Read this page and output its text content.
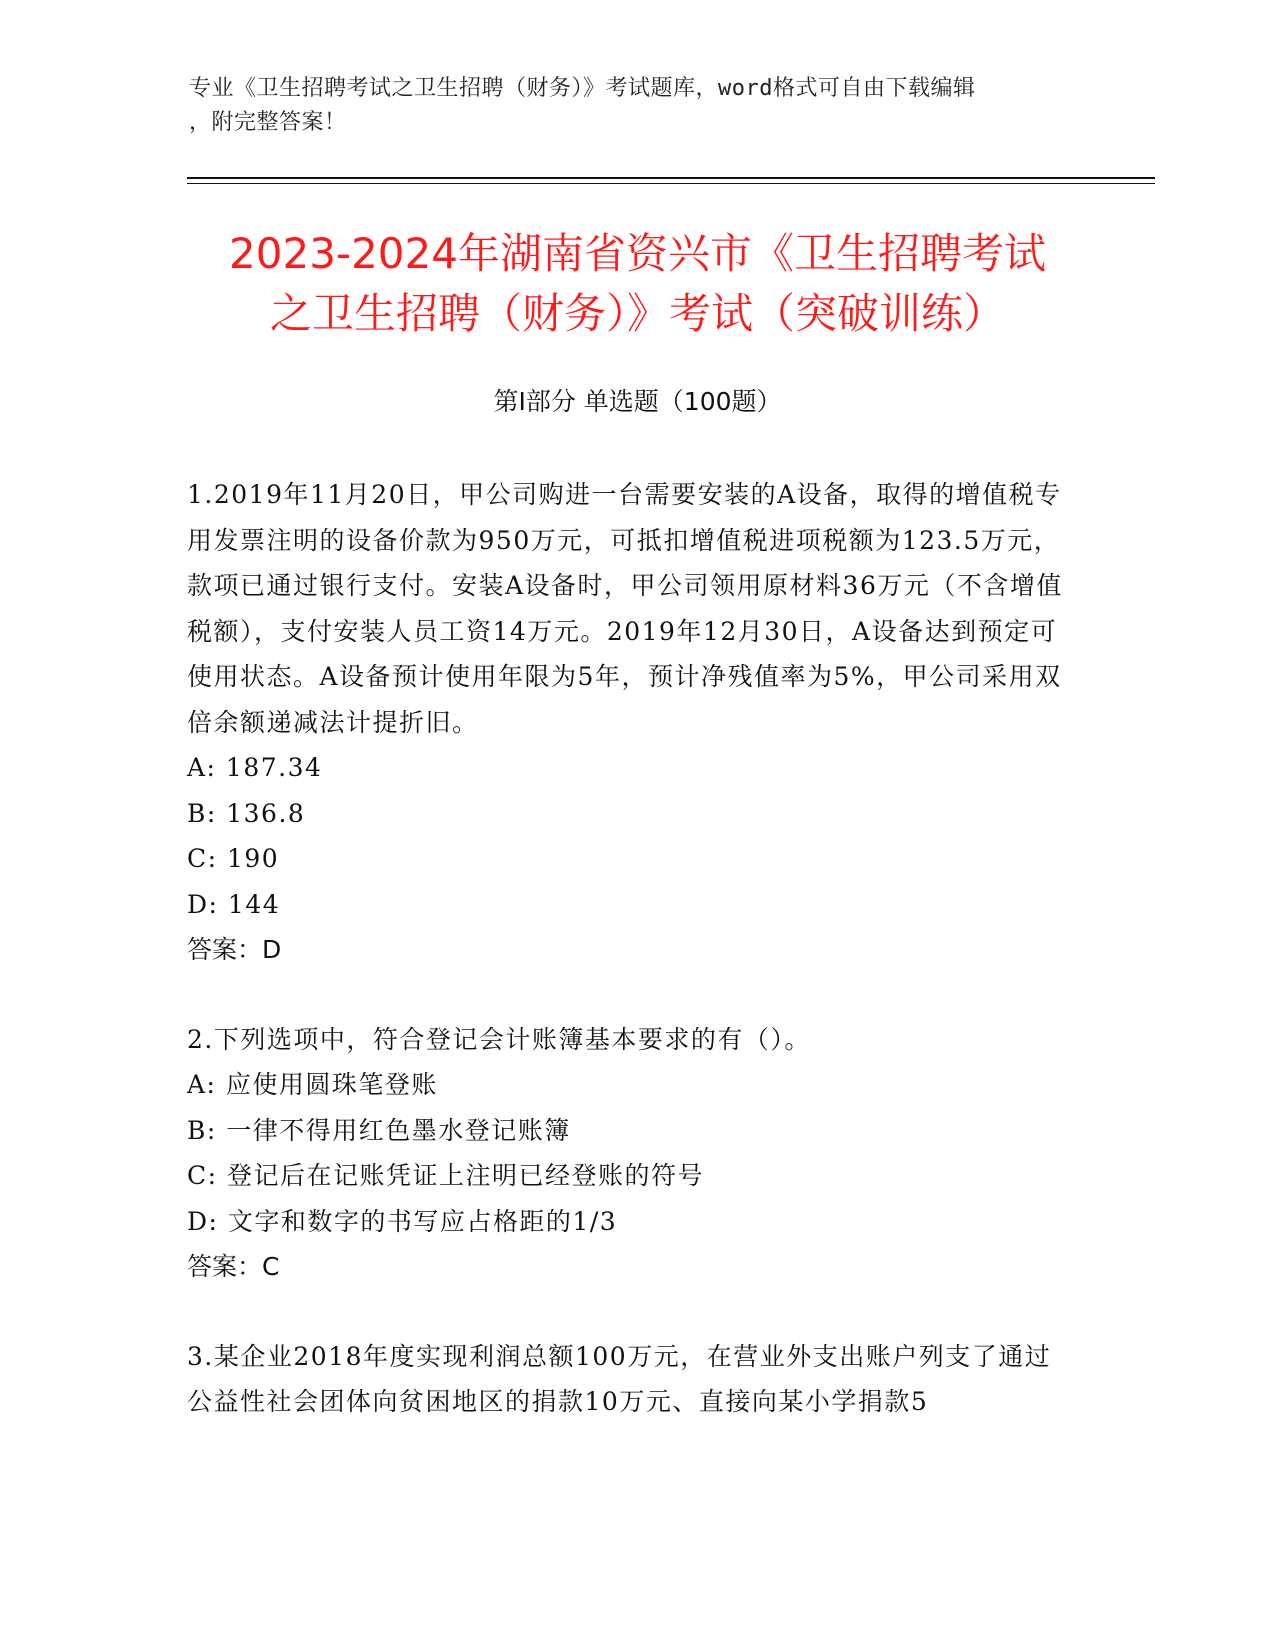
专业《卫生招聘考试之卫生招聘（财务）》考试题库，word格式可自由下载编辑
，附完整答案！
2023-2024年湖南省资兴市《卫生招聘考试
之卫生招聘（财务）》考试（突破训练）
第I部分 单选题（100题）
1.2019年11月20日，甲公司购进一台需要安装的A设备，取得的增值税专用发票注明的设备价款为950万元，可抵扣增值税进项税额为123.5万元，款项已通过银行支付。安装A设备时，甲公司领用原材料36万元（不含增值税额），支付安装人员工资14万元。2019年12月30日，A设备达到预定可使用状态。A设备预计使用年限为5年，预计净残值率为5%，甲公司采用双倍余额递减法计提折旧。
A: 187.34
B: 136.8
C: 190
D: 144
答案：D
2.下列选项中，符合登记会计账簿基本要求的有（）。
A: 应使用圆珠笔登账
B: 一律不得用红色墨水登记账簿
C: 登记后在记账凭证上注明已经登账的符号
D: 文字和数字的书写应占格距的1/3
答案：C
3.某企业2018年度实现利润总额100万元，在营业外支出账户列支了通过公益性社会团体向贫困地区的捐款10万元、直接向某小学捐款5
